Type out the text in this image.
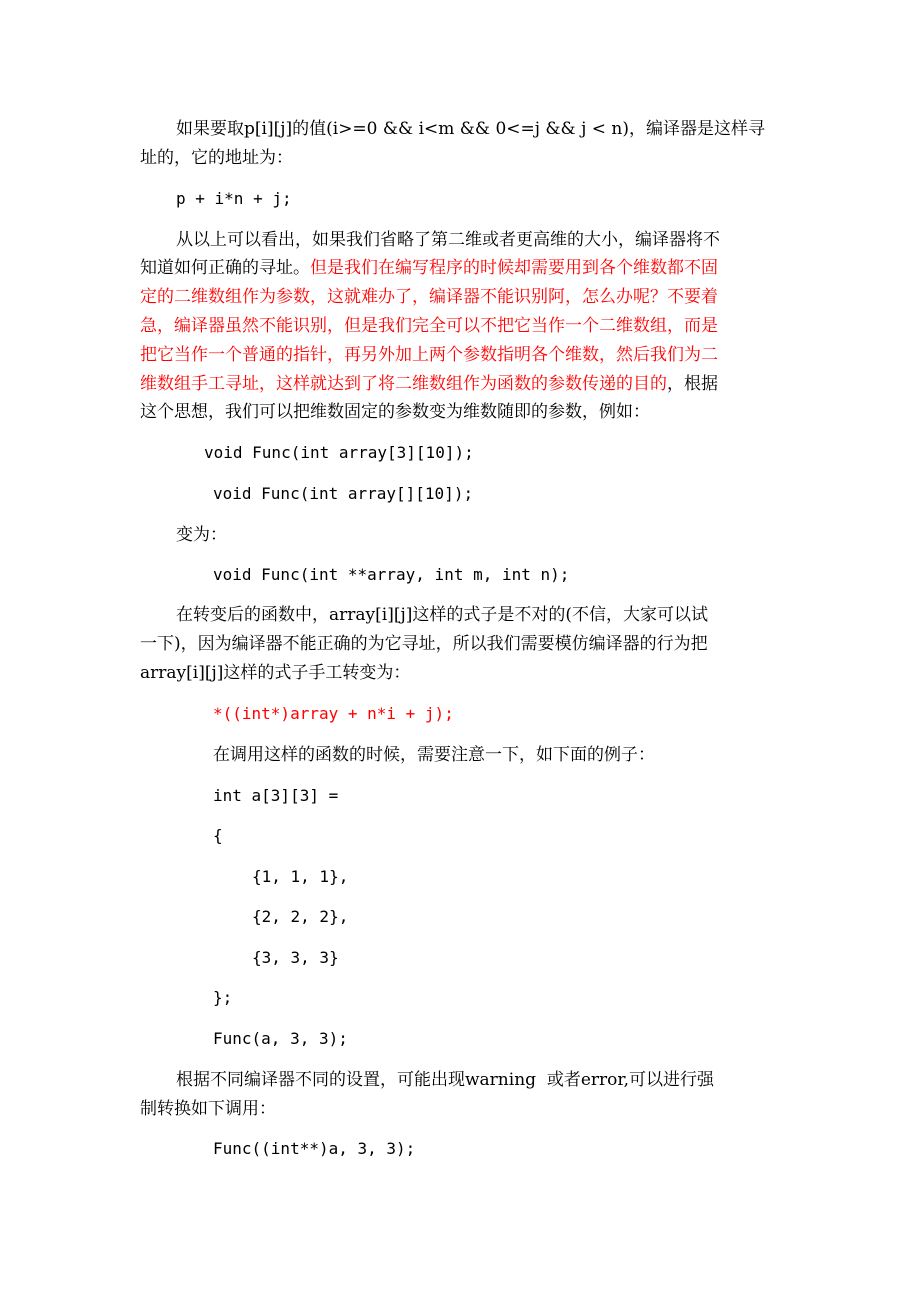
如果要取p[i][j]的值(i>=0 && i<m && 0<=j && j < n)，编译器是这样寻
址的，它的地址为：
p + i*n + j;
从以上可以看出，如果我们省略了第二维或者更高维的大小，编译器将不
知道如何正确的寻址。但是我们在编写程序的时候却需要用到各个维数都不固
定的二维数组作为参数，这就难办了，编译器不能识别阿，怎么办呢？不要着
急，编译器虽然不能识别，但是我们完全可以不把它当作一个二维数组，而是
把它当作一个普通的指针，再另外加上两个参数指明各个维数，然后我们为二
维数组手工寻址，这样就达到了将二维数组作为函数的参数传递的目的，根据
这个思想，我们可以把维数固定的参数变为维数随即的参数，例如：
void Func(int array[3][10]);
void Func(int array[][10]);
变为：
void Func(int **array, int m, int n);
在转变后的函数中，array[i][j]这样的式子是不对的(不信，大家可以试
一下)，因为编译器不能正确的为它寻址，所以我们需要模仿编译器的行为把
array[i][j]这样的式子手工转变为：
*((int*)array + n*i + j);
在调用这样的函数的时候，需要注意一下，如下面的例子：
int a[3][3] =
{
{1, 1, 1},
{2, 2, 2},
{3, 3, 3}
};
Func(a, 3, 3);
根据不同编译器不同的设置，可能出现warning  或者error,可以进行强
制转换如下调用：
Func((int**)a, 3, 3);
